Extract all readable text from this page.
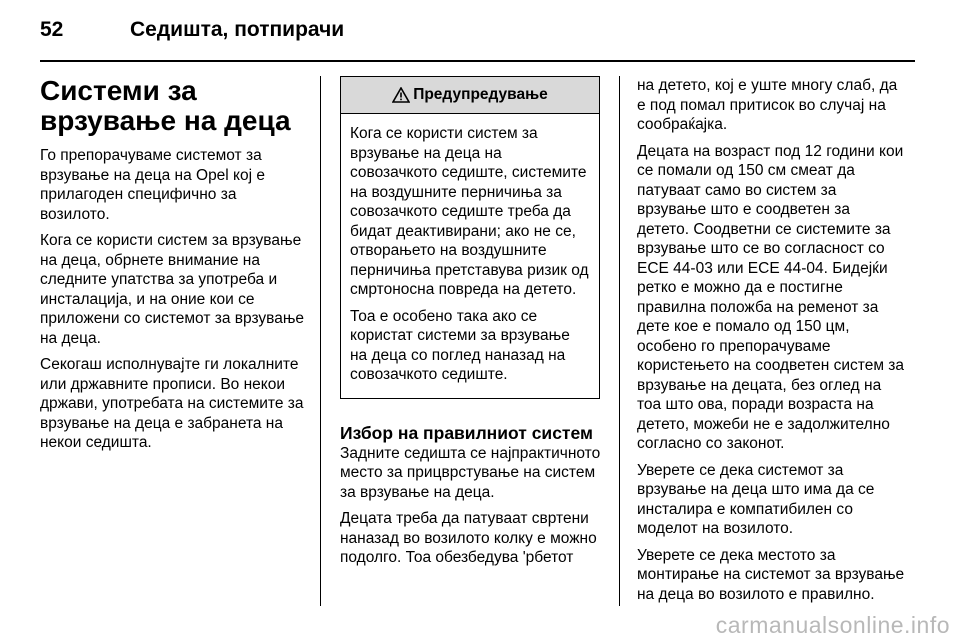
52	Седишта, потпирачи
Системи за врзување на деца

Го препорачуваме системот за врзување на деца на Opel кој е прилагоден специфично за возилото.

Кога се користи систем за врзување на деца, обрнете внимание на следните упатства за употреба и инсталација, и на оние кои се приложени со системот за врзување на деца.

Секогаш исполнувајте ги локалните или државните прописи. Во некои држави, употребата на системите за врзување на деца е забранета на некои седишта.

Предупредување

Кога се користи систем за врзување на деца на совозачкото седиште, системите на воздушните перничиња за совозачкото седиште треба да бидат деактивирани; ако не се, отворањето на воздушните перничиња претставува ризик од смртоносна повреда на детето.

Тоа е особено така ако се користат системи за врзување на деца со поглед наназад на совозачкото седиште.

Избор на правилниот систем

Задните седишта се најпрактичното место за прицврстување на систем за врзување на деца.

Децата треба да патуваат свртени наназад во возилото колку е можно подолго. Тоа обезбедува 'рбетот

на детето, кој е уште многу слаб, да е под помал притисок во случај на сообраќајка.

Децата на возраст под 12 години кои се помали од 150 см смеат да патуваат само во систем за врзување што е соодветен за детето. Соодветни се системите за врзување што се во согласност со ECE 44-03 или ECE 44-04. Бидејќи ретко е можно да е постигне правилна положба на ременот за дете кое е помало од 150 цм, особено го препорачуваме користењето на соодветен систем за врзување на децата, без оглед на тоа што ова, поради возраста на детето, можеби не е задолжително согласно со законот.

Уверете се дека системот за врзување на деца што има да се инсталира е компатибилен со моделот на возилото.

Уверете се дека местото за монтирање на системот за врзување на деца во возилото е правилно.

carmanualsonline.info
